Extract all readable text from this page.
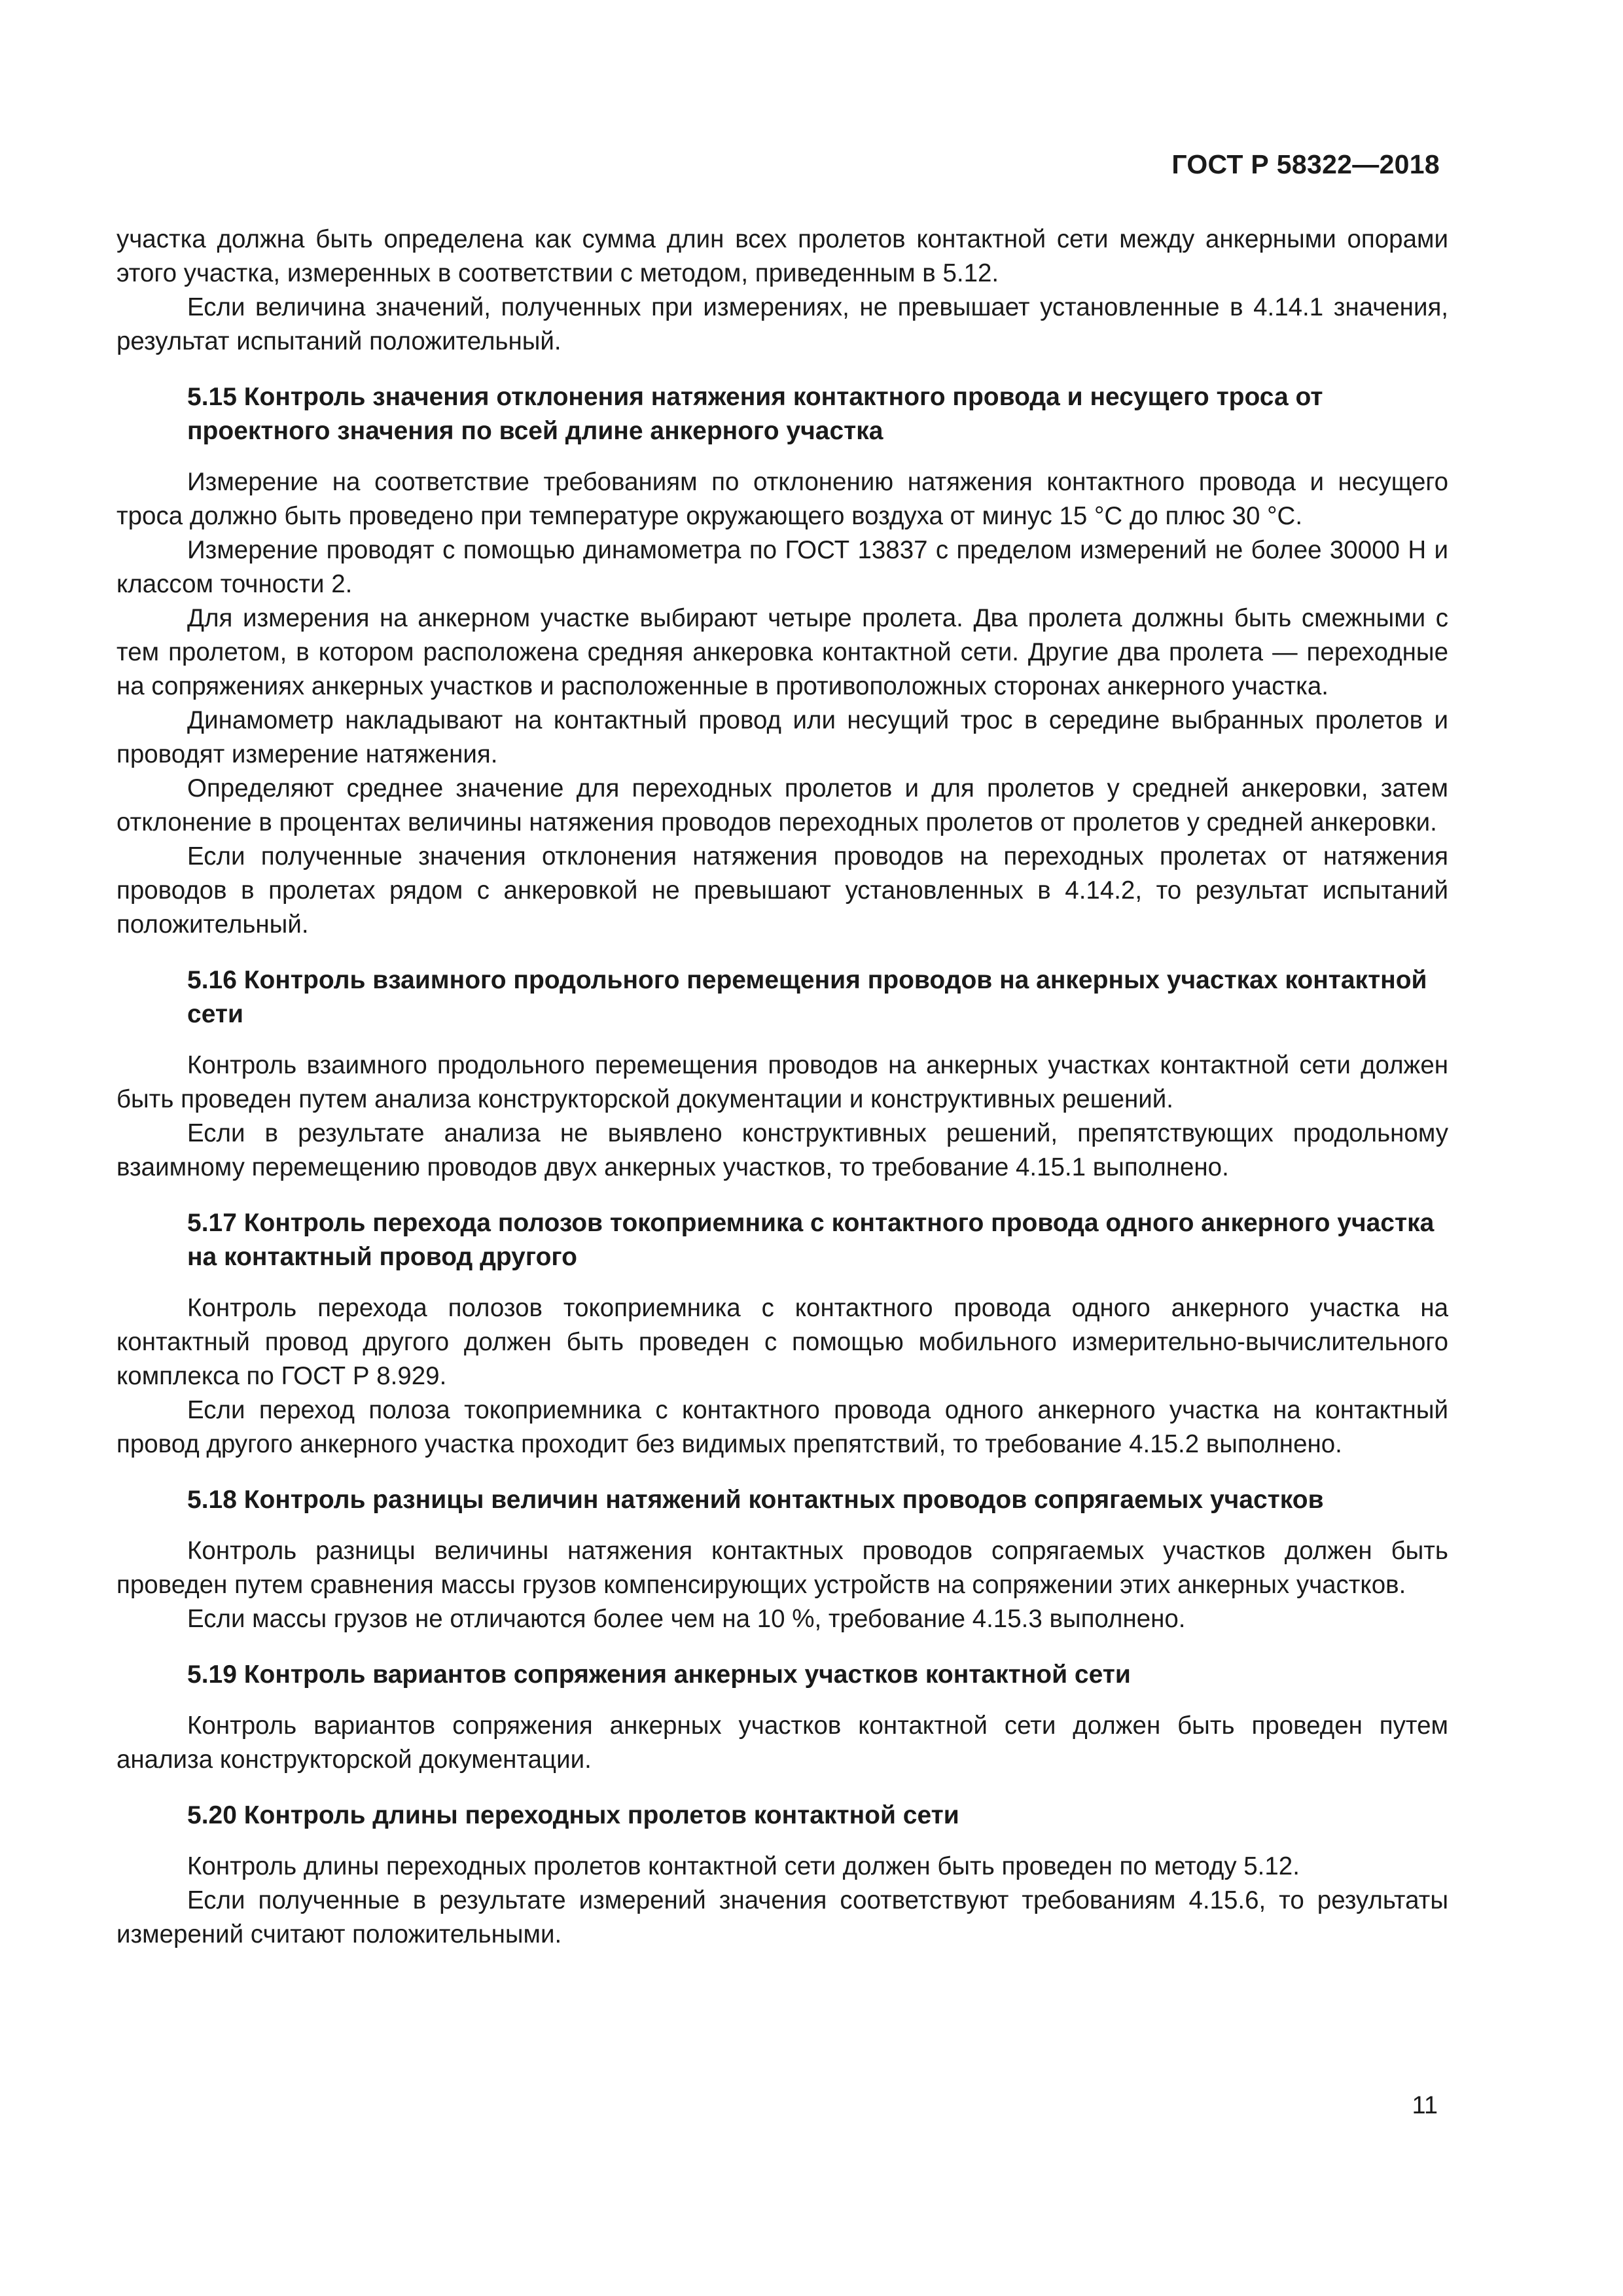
ГОСТ Р 58322—2018

участка должна быть определена как сумма длин всех пролетов контактной сети между анкерными опорами этого участка, измеренных в соответствии с методом, приведенным в 5.12.

Если величина значений, полученных при измерениях, не превышает установленные в 4.14.1 значения, результат испытаний положительный.

5.15 Контроль значения отклонения натяжения контактного провода и несущего троса от проектного значения по всей длине анкерного участка

Измерение на соответствие требованиям по отклонению натяжения контактного провода и несущего троса должно быть проведено при температуре окружающего воздуха от минус 15 °С до плюс 30 °С.

Измерение проводят с помощью динамометра по ГОСТ 13837 с пределом измерений не более 30000 Н и классом точности 2.

Для измерения на анкерном участке выбирают четыре пролета. Два пролета должны быть смежными с тем пролетом, в котором расположена средняя анкеровка контактной сети. Другие два пролета — переходные на сопряжениях анкерных участков и расположенные в противоположных сторонах анкерного участка.

Динамометр накладывают на контактный провод или несущий трос в середине выбранных пролетов и проводят измерение натяжения.

Определяют среднее значение для переходных пролетов и для пролетов у средней анкеровки, затем отклонение в процентах величины натяжения проводов переходных пролетов от пролетов у средней анкеровки.

Если полученные значения отклонения натяжения проводов на переходных пролетах от натяжения проводов в пролетах рядом с анкеровкой не превышают установленных в 4.14.2, то результат испытаний положительный.

5.16 Контроль взаимного продольного перемещения проводов на анкерных участках контактной сети

Контроль взаимного продольного перемещения проводов на анкерных участках контактной сети должен быть проведен путем анализа конструкторской документации и конструктивных решений.

Если в результате анализа не выявлено конструктивных решений, препятствующих продольному взаимному перемещению проводов двух анкерных участков, то требование 4.15.1 выполнено.

5.17 Контроль перехода полозов токоприемника с контактного провода одного анкерного участка на контактный провод другого

Контроль перехода полозов токоприемника с контактного провода одного анкерного участка на контактный провод другого должен быть проведен с помощью мобильного измерительно-вычислительного комплекса по ГОСТ Р 8.929.

Если переход полоза токоприемника с контактного провода одного анкерного участка на контактный провод другого анкерного участка проходит без видимых препятствий, то требование 4.15.2 выполнено.

5.18 Контроль разницы величин натяжений контактных проводов сопрягаемых участков

Контроль разницы величины натяжения контактных проводов сопрягаемых участков должен быть проведен путем сравнения массы грузов компенсирующих устройств на сопряжении этих анкерных участков.

Если массы грузов не отличаются более чем на 10 %, требование 4.15.3 выполнено.

5.19 Контроль вариантов сопряжения анкерных участков контактной сети

Контроль вариантов сопряжения анкерных участков контактной сети должен быть проведен путем анализа конструкторской документации.

5.20 Контроль длины переходных пролетов контактной сети

Контроль длины переходных пролетов контактной сети должен быть проведен по методу 5.12.

Если полученные в результате измерений значения соответствуют требованиям 4.15.6, то результаты измерений считают положительными.

11
